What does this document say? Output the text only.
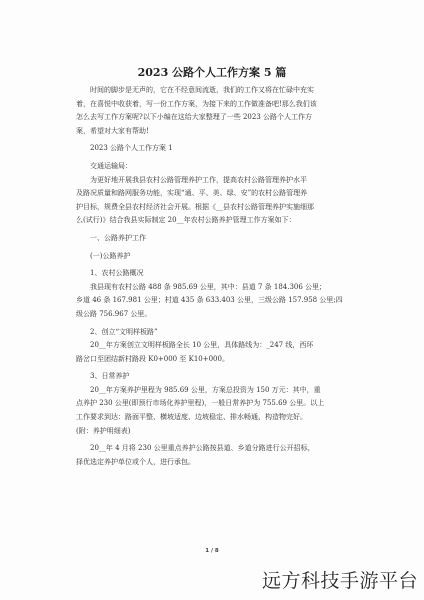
2023 公路个人工作方案 5 篇
时间的脚步是无声的，它在不经意间流逝，我们的工作又将在忙碌中充实
着，在喜悦中收获着，写一份工作方案，为接下来的工作做准备吧!那么我们该
怎么去写工作方案呢?以下小编在这给大家整理了一些 2023 公路个人工作方
案，希望对大家有帮助!
2023 公路个人工作方案 1
交通运输局：
为更好地开展我县农村公路管理养护工作，提高农村公路管理养护水平
及路况质量和路网服务功能，实现“通、平、美、绿、安”的农村公路管理养
护目标，规费全县农村经济社会开展。根据《__县农村公路管理养护实施细那
么(试行)》结合我县实际制定 20__年农村公路养护管理工作方案如下：
一、公路养护工作
(一)公路养护
1、农村公路概况
我县现有农村公路 488 条 985.69 公里，其中：县道 7 条 184.306 公里；
乡道 46 条 167.981 公里；村道 435 条 633.403 公里，三级公路 157.958 公里;四
级公路 756.967 公里。
2、创立“文明样板路”
20__年方案创立文明样板路全长 10 公里，具体路线为：_247 线，西环
路岔口至团结新村路段 K0+000 至 K10+000。
3、日常养护
20__年方案养护里程为 985.69 公里，方案总投资为 150 万元：其中，重
点养护 230 公里(即预行市场化养护里程)，一般日常养护为 755.69 公里。以上
工作要求到达：路面平整、横坡适度、边坡稳定、排水畅通、构造物完好。
(附：养护明细表)
20__年 4 月将 230 公里重点养护公路按县道、乡道分路进行公开招标，
择优选定养护单位或个人，进行承包。
1 / 8
远方科技手游平台
